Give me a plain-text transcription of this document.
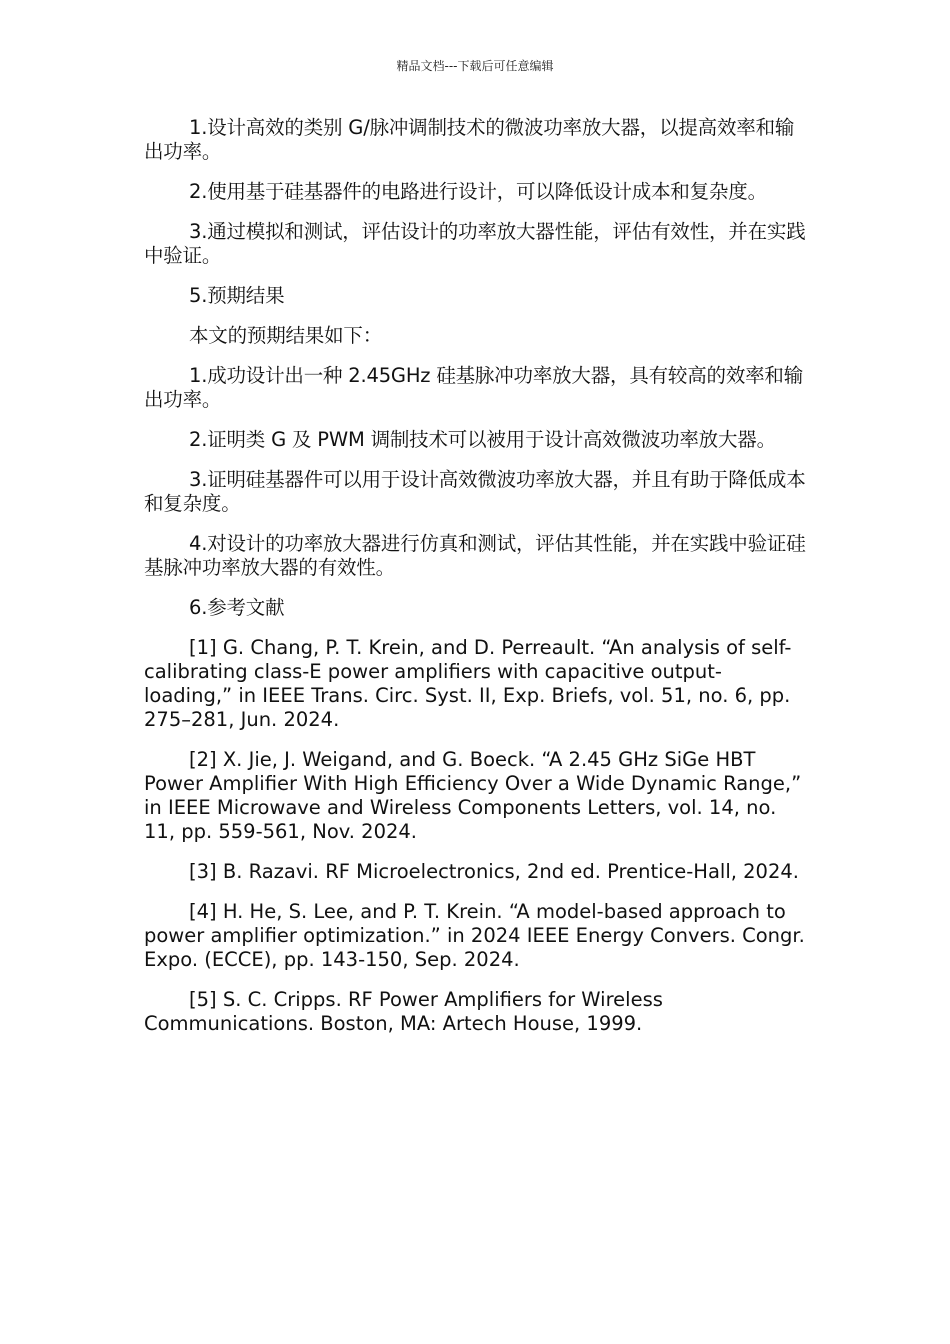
精品文档---下载后可任意编辑

1.设计高效的类别 G/脉冲调制技术的微波功率放大器，以提高效率和输出功率。

2.使用基于硅基器件的电路进行设计，可以降低设计成本和复杂度。

3.通过模拟和测试，评估设计的功率放大器性能，评估有效性，并在实践中验证。

5.预期结果

本文的预期结果如下：

1.成功设计出一种 2.45GHz 硅基脉冲功率放大器，具有较高的效率和输出功率。

2.证明类 G 及 PWM 调制技术可以被用于设计高效微波功率放大器。

3.证明硅基器件可以用于设计高效微波功率放大器，并且有助于降低成本和复杂度。

4.对设计的功率放大器进行仿真和测试，评估其性能，并在实践中验证硅基脉冲功率放大器的有效性。

6.参考文献

[1] G. Chang, P. T. Krein, and D. Perreault. “An analysis of self-calibrating class-E power amplifiers with capacitive output-loading,” in IEEE Trans. Circ. Syst. II, Exp. Briefs, vol. 51, no. 6, pp. 275–281, Jun. 2024.

[2] X. Jie, J. Weigand, and G. Boeck. “A 2.45 GHz SiGe HBT Power Amplifier With High Efficiency Over a Wide Dynamic Range,” in IEEE Microwave and Wireless Components Letters, vol. 14, no. 11, pp. 559-561, Nov. 2024.

[3] B. Razavi. RF Microelectronics, 2nd ed. Prentice-Hall, 2024.

[4] H. He, S. Lee, and P. T. Krein. “A model-based approach to power amplifier optimization.” in 2024 IEEE Energy Convers. Congr. Expo. (ECCE), pp. 143-150, Sep. 2024.

[5] S. C. Cripps. RF Power Amplifiers for Wireless Communications. Boston, MA: Artech House, 1999.
